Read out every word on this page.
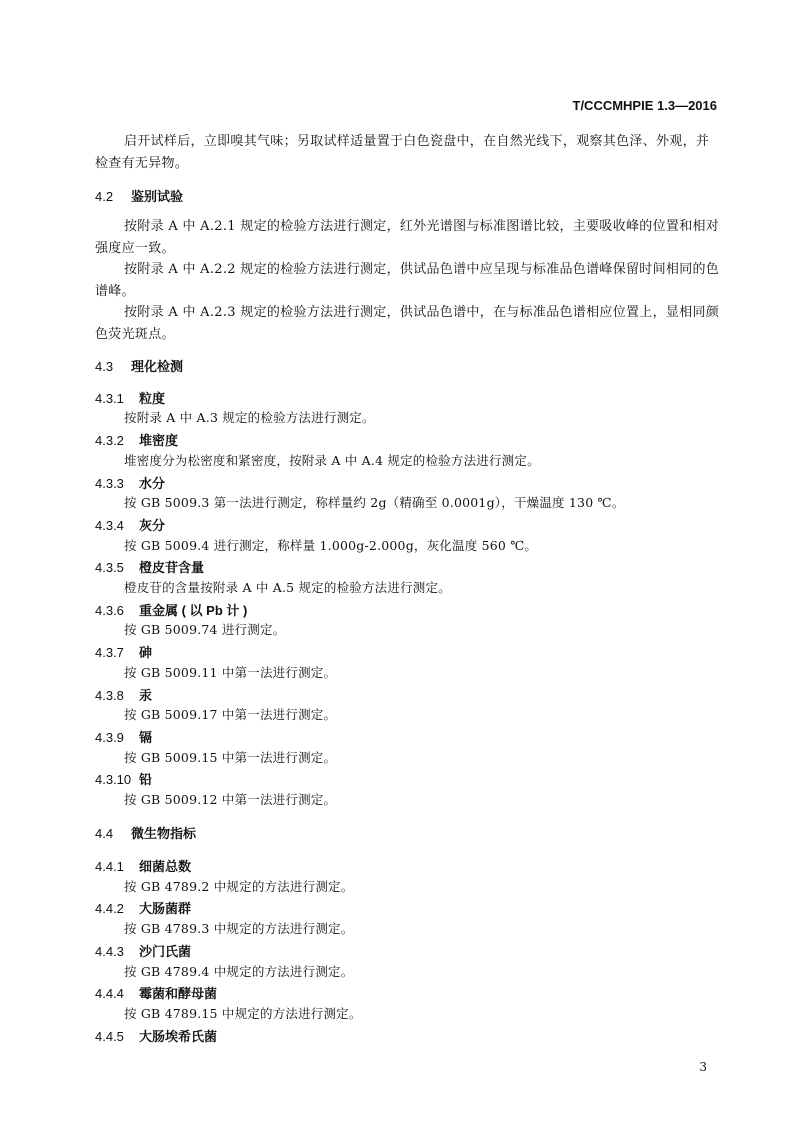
T/CCCMHPIE 1.3—2016
启开试样后，立即嗅其气味；另取试样适量置于白色瓷盘中，在自然光线下，观察其色泽、外观，并
检查有无异物。
4.2 鉴别试验
按附录 A 中 A.2.1 规定的检验方法进行测定，红外光谱图与标准图谱比较，主要吸收峰的位置和相对
强度应一致。
按附录 A 中 A.2.2 规定的检验方法进行测定，供试品色谱中应呈现与标准品色谱峰保留时间相同的色
谱峰。
按附录 A 中 A.2.3 规定的检验方法进行测定，供试品色谱中，在与标准品色谱相应位置上，显相同颜
色荧光斑点。
4.3 理化检测
4.3.1 粒度
按附录 A 中 A.3 规定的检验方法进行测定。
4.3.2 堆密度
堆密度分为松密度和紧密度，按附录 A 中 A.4 规定的检验方法进行测定。
4.3.3 水分
按 GB 5009.3 第一法进行测定，称样量约 2g（精确至 0.0001g），干燥温度 130 ℃。
4.3.4 灰分
按 GB 5009.4 进行测定，称样量 1.000g-2.000g，灰化温度 560 ℃。
4.3.5 橙皮苷含量
橙皮苷的含量按附录 A 中 A.5 规定的检验方法进行测定。
4.3.6 重金属 ( 以 Pb 计 )
按 GB 5009.74 进行测定。
4.3.7 砷
按 GB 5009.11 中第一法进行测定。
4.3.8 汞
按 GB 5009.17 中第一法进行测定。
4.3.9 镉
按 GB 5009.15 中第一法进行测定。
4.3.10 铅
按 GB 5009.12 中第一法进行测定。
4.4 微生物指标
4.4.1 细菌总数
按 GB 4789.2 中规定的方法进行测定。
4.4.2 大肠菌群
按 GB 4789.3 中规定的方法进行测定。
4.4.3 沙门氏菌
按 GB 4789.4 中规定的方法进行测定。
4.4.4 霉菌和酵母菌
按 GB 4789.15 中规定的方法进行测定。
4.4.5 大肠埃希氏菌
3
